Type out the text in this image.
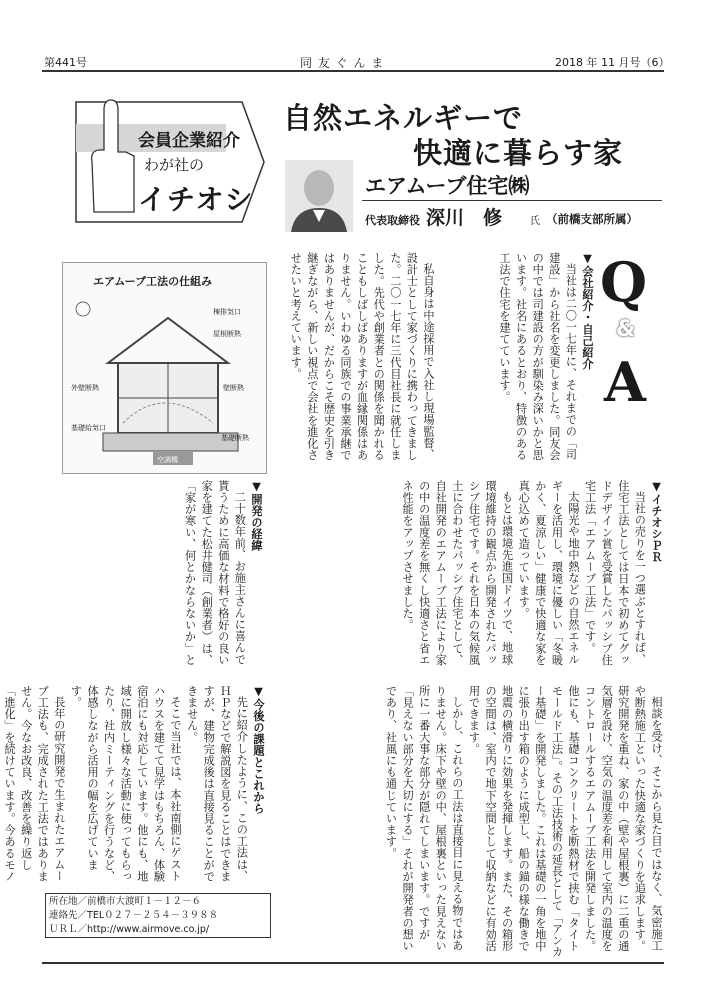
第441号	同 友 ぐ ん ま	2018 年 11 月号（6）
会員企業紹介
わが社の
イチオシ
自然エネルギーで
快適に暮らす家
エアムーブ住宅㈱
代表取締役 深川　修	氏 （前橋支部所属）
Q
&
A
エアムーブ工法の仕組み
棟排気口
屋根断熱
壁断熱
外壁断熱
基礎給気口
基礎断熱
空調機

▼会社紹介・自己紹介

当社は二〇一七年に、それまでの「司建設」から社名を変更しました。同友会の中では司建設の方が馴染み深いかと思います。社名にあるとおり、特徴のある工法で住宅を建てています。

私自身は中途採用で入社し現場監督、設計士として家づくりに携わってきました。二〇一七年に三代目社長に就任しました。先代や創業者との関係を聞かれることもしばしばありますが血縁関係はありません。いわゆる同族での事業承継ではありませんが、だからこそ歴史を引き継ぎながら、新しい視点で会社を進化させたいと考えています。

▼イチオシＰＲ

当社の売りを一つ選ぶとすれば、住宅工法としては日本で初めてグッドデザイン賞を受賞したパッシブ住宅工法「エアムーブ工法」です。

太陽光や地中熱などの自然エネルギーを活用し、環境に優しい「冬暖かく、夏涼しい」健康で快適な家を真心込めて造っています。

もとは環境先進国ドイツで、地球環境維持の観点から開発されたパッシブ住宅です。それを日本の気候風土に合わせたパッシブ住宅として、自社開発のエアムーブ工法により家の中の温度差を無くし快適さと省エネ性能をアップさせました。

▼開発の経緯

二十数年前、お施主さんに喜んで貰うために高価な材料で格好の良い家を建てた松井健司（創業者）は、「家が寒い、何とかならないか」と

相談を受け、そこから見た目ではなく、気密施工や断熱施工といった快適な家づくりを追求します。研究開発を重ね、家の中（壁や屋根裏）に二重の通気層を設け、空気の温度差を利用して室内の温度をコントロールするエアムーブ工法を開発しました。他にも、基礎コンクリートを断熱材で挟む「タイトモールド工法」。その工法技術の延長として「アンカー基礎」を開発しました。これは基礎の一角を地中に張り出す箱のように成型し、船の錨の様な働きで地震の横滑りに効果を発揮します。また、その箱形の空間は、室内で地下空間として収納などに有効活用できます。

しかし、これらの工法は直接目に見える物ではありません。床下や壁の中、屋根裏といった見えない所に一番大事な部分が隠れてしまいます。ですが「見えない部分を大切にする」それが開発者の想いであり、社風にも通じています。

▼今後の課題とこれから

先に紹介したように、この工法は、ＨＰなどで解説図を見ることはできますが、建物完成後は直接見ることができません。

そこで当社では、本社南側にゲストハウスを建てて見学はもちろん、体験宿泊にも対応しています。他にも、地域に開放し様々な活動に使ってもらったり、社内ミーティングを行うなど、体感しながら活用の幅を広げています。

長年の研究開発で生まれたエアムーブ工法も、完成された工法ではありません。今なお改良、改善を繰り返し「進化」を続けています。今あるモノ

所在地／前橋市大渡町１－１２－６
連絡先／TEL０２７－２５４－３９８８
ＵＲＬ／http://www.airmove.co.jp/
